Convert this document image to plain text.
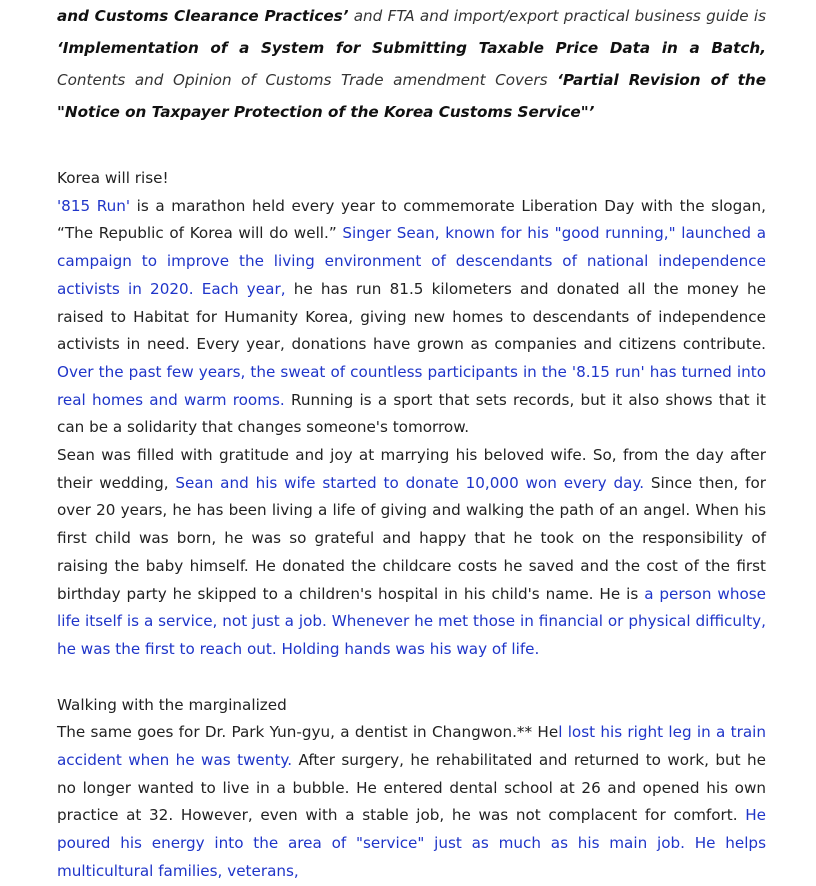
and Customs Clearance Practices’ and FTA and import/export practical business guide is ‘Implementation of a System for Submitting Taxable Price Data in a Batch, Contents and Opinion of Customs Trade amendment Covers ‘Partial Revision of the "Notice on Taxpayer Protection of the Korea Customs Service"’

Korea will rise!

'815 Run' is a marathon held every year to commemorate Liberation Day with the slogan, “The Republic of Korea will do well.” Singer Sean, known for his "good running," launched a campaign to improve the living environment of descendants of national independence activists in 2020. Each year, he has run 81.5 kilometers and donated all the money he raised to Habitat for Humanity Korea, giving new homes to descendants of independence activists in need. Every year, donations have grown as companies and citizens contribute. Over the past few years, the sweat of countless participants in the '8.15 run' has turned into real homes and warm rooms. Running is a sport that sets records, but it also shows that it can be a solidarity that changes someone's tomorrow.

Sean was filled with gratitude and joy at marrying his beloved wife. So, from the day after their wedding, Sean and his wife started to donate 10,000 won every day. Since then, for over 20 years, he has been living a life of giving and walking the path of an angel. When his first child was born, he was so grateful and happy that he took on the responsibility of raising the baby himself. He donated the childcare costs he saved and the cost of the first birthday party he skipped to a children's hospital in his child's name. He is a person whose life itself is a service, not just a job. Whenever he met those in financial or physical difficulty, he was the first to reach out. Holding hands was his way of life.

Walking with the marginalized

The same goes for Dr. Park Yun-gyu, a dentist in Changwon.** Hel lost his right leg in a train accident when he was twenty. After surgery, he rehabilitated and returned to work, but he no longer wanted to live in a bubble. He entered dental school at 26 and opened his own practice at 32. However, even with a stable job, he was not complacent for comfort. He poured his energy into the area of "service" just as much as his main job. He helps multicultural families, veterans,
